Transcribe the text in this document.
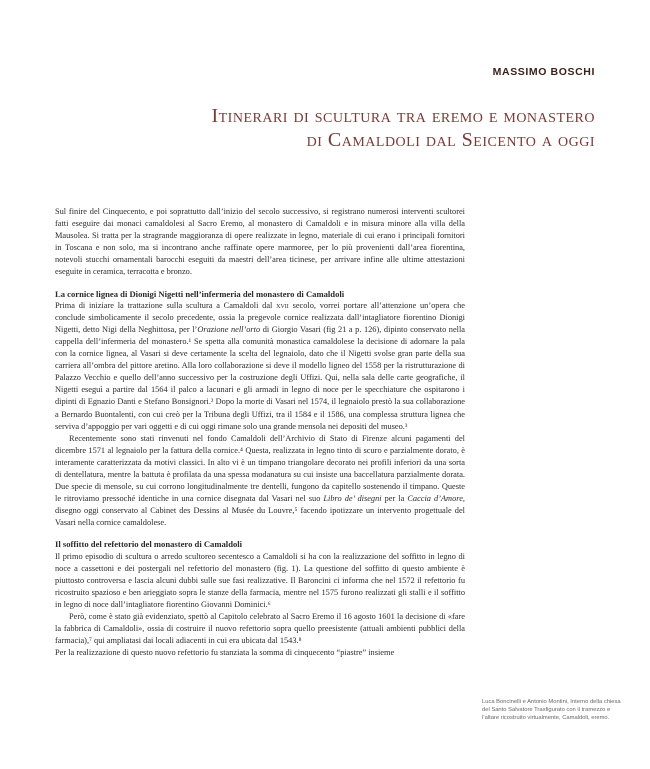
MASSIMO BOSCHI
Itinerari di scultura tra eremo e monastero
di Camaldoli dal Seicento a oggi

Sul finire del Cinquecento, e poi soprattutto dall’inizio del secolo successivo, si registrano numerosi interventi scultorei fatti eseguire dai monaci camaldolesi al Sacro Eremo, al monastero di Camaldoli e in misura minore alla villa della Mausolea. Si tratta per la stragrande maggioranza di opere realizzate in legno, materiale di cui erano i principali fornitori in Toscana e non solo, ma si incontrano anche raffinate opere marmoree, per lo più provenienti dall’area fiorentina, notevoli stucchi ornamentali barocchi eseguiti da maestri dell’area ticinese, per arrivare infine alle ultime attestazioni eseguite in ceramica, terracotta e bronzo.

La cornice lignea di Dionigi Nigetti nell’infermeria del monastero di Camaldoli

Prima di iniziare la trattazione sulla scultura a Camaldoli dal xvii secolo, vorrei portare all’attenzione un’opera che conclude simbolicamente il secolo precedente, ossia la pregevole cornice realizzata dall’intagliatore fiorentino Dionigi Nigetti, detto Nigi della Neghittosa, per l’Orazione nell’orto di Giorgio Vasari (fig 21 a p. 126), dipinto conservato nella cappella dell’infermeria del monastero.¹ Se spetta alla comunità monastica camaldolese la decisione di adornare la pala con la cornice lignea, al Vasari si deve certamente la scelta del legnaiolo, dato che il Nigetti svolse gran parte della sua carriera all’ombra del pittore aretino. Alla loro collaborazione si deve il modello ligneo del 1558 per la ristrutturazione di Palazzo Vecchio e quello dell’anno successivo per la costruzione degli Uffizi. Qui, nella sala delle carte geografiche, il Nigetti eseguì a partire dal 1564 il palco a lacunari e gli armadi in legno di noce per le specchiature che ospitarono i dipinti di Egnazio Danti e Stefano Bonsignori.² Dopo la morte di Vasari nel 1574, il legnaiolo prestò la sua collaborazione a Bernardo Buontalenti, con cui creò per la Tribuna degli Uffizi, tra il 1584 e il 1586, una complessa struttura lignea che serviva d’appoggio per vari oggetti e di cui oggi rimane solo una grande mensola nei depositi del museo.³

Recentemente sono stati rinvenuti nel fondo Camaldoli dell’Archivio di Stato di Firenze alcuni pagamenti del dicembre 1571 al legnaiolo per la fattura della cornice.⁴ Questa, realizzata in legno tinto di scuro e parzialmente dorato, è interamente caratterizzata da motivi classici. In alto vi è un timpano triangolare decorato nei profili inferiori da una sorta di dentellatura, mentre la battuta è profilata da una spessa modanatura su cui insiste una baccellatura parzialmente dorata. Due specie di mensole, su cui corrono longitudinalmente tre dentelli, fungono da capitello sostenendo il timpano. Queste le ritroviamo pressoché identiche in una cornice disegnata dal Vasari nel suo Libro de’ disegni per la Caccia d’Amore, disegno oggi conservato al Cabinet des Dessins al Musée du Louvre,⁵ facendo ipotizzare un intervento progettuale del Vasari nella cornice camaldolese.

Il soffitto del refettorio del monastero di Camaldoli

Il primo episodio di scultura o arredo scultoreo secentesco a Camaldoli si ha con la realizzazione del soffitto in legno di noce a cassettoni e dei postergali nel refettorio del monastero (fig. 1). La questione del soffitto di questo ambiente è piuttosto controversa e lascia alcuni dubbi sulle sue fasi realizzative. Il Baroncini ci informa che nel 1572 il refettorio fu ricostruito spazioso e ben arieggiato sopra le stanze della farmacia, mentre nel 1575 furono realizzati gli stalli e il soffitto in legno di noce dall’intagliatore fiorentino Giovanni Dominici.⁶

Però, come è stato già evidenziato, spettò al Capitolo celebrato al Sacro Eremo il 16 agosto 1601 la decisione di «fare la fabbrica di Camaldoli», ossia di costruire il nuovo refettorio sopra quello preesistente (attuali ambienti pubblici della farmacia),⁷ qui ampliatasi dai locali adiacenti in cui era ubicata dal 1543.⁸

Per la realizzazione di questo nuovo refettorio fu stanziata la somma di cinquecento “piastre” insieme

Luca Boncinelli e Antonio Montini, Interno della chiesa del Santo Salvatore Trasfigurato con il tramezzo e l’altare ricostruito virtualmente, Camaldoli, eremo.
